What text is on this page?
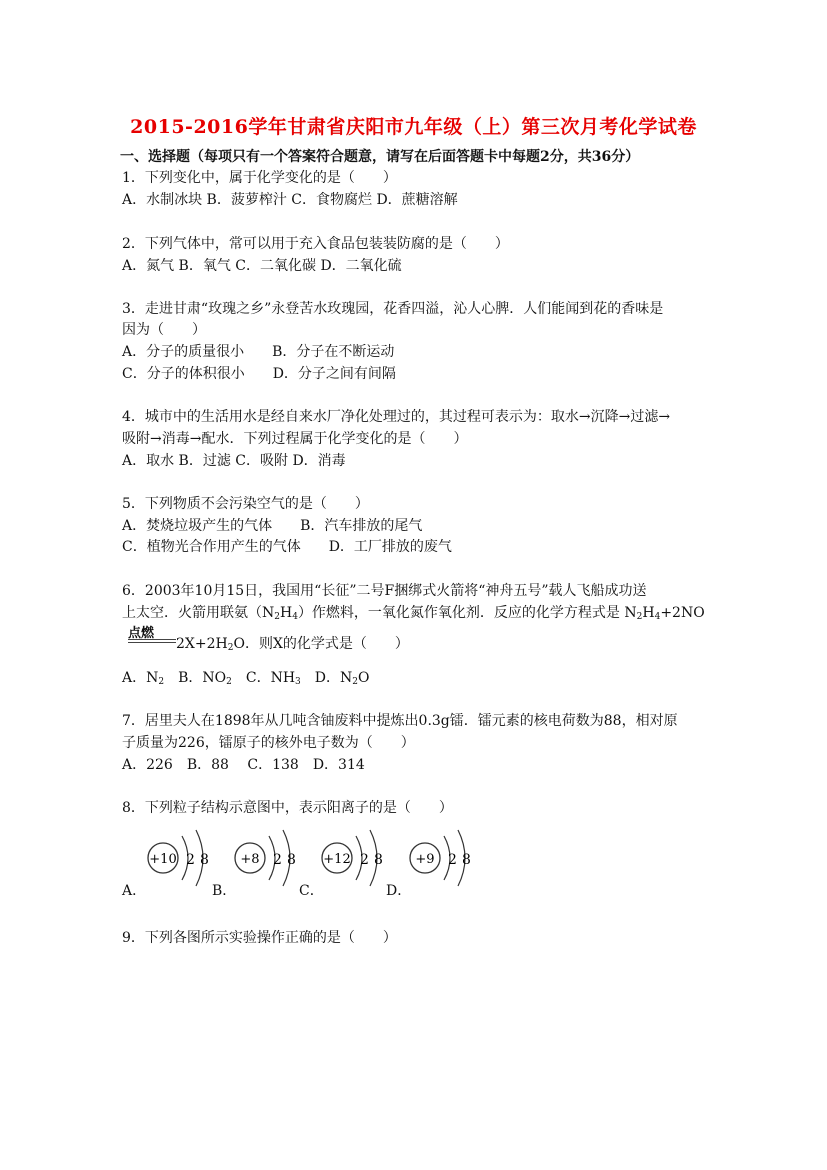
2015-2016学年甘肃省庆阳市九年级（上）第三次月考化学试卷
一、选择题（每项只有一个答案符合题意，请写在后面答题卡中每题2分，共36分）
1．下列变化中，属于化学变化的是（　　）
A．水制冰块 B．菠萝榨汁 C．食物腐烂 D．蔗糖溶解
2．下列气体中，常可以用于充入食品包装装防腐的是（　　）
A．氮气 B．氧气 C．二氧化碳 D．二氧化硫
3．走进甘肃“玫瑰之乡”永登苦水玫瑰园，花香四溢，沁人心脾．人们能闻到花的香味是
因为（　　）
A．分子的质量很小　　B．分子在不断运动
C．分子的体积很小　　D．分子之间有间隔
4．城市中的生活用水是经自来水厂净化处理过的，其过程可表示为：取水→沉降→过滤→
吸附→消毒→配水．下列过程属于化学变化的是（　　）
A．取水 B．过滤 C．吸附 D．消毒
5．下列物质不会污染空气的是（　　）
A．焚烧垃圾产生的气体　　B．汽车排放的尾气
C．植物光合作用产生的气体　　D．工厂排放的废气
6．2003年10月15日，我国用“长征”二号F捆绑式火箭将“神舟五号”载人飞船成功送
上太空．火箭用联氨$(N_2H_4)$作燃料，一氧化氮作氧化剂．反应的化学方程式是 $N_2H_4+2NO$
点燃
$2X+2H_2O$．则X的化学式是（　　）
A．$N_2$　B．$NO_2$　C．$NH_3$　D．$N_2O$
7．居里夫人在1898年从几吨含铀废料中提炼出0.3g镭．镭元素的核电荷数为88，相对原
子质量为226，镭原子的核外电子数为（　　）
A．226　B．88　 C．138　D．314
8．下列粒子结构示意图中，表示阳离子的是（　　）
+10 2 8 +8 2 8 +12 2 8 +9 2 8
A．	B．	C．	D．
9．下列各图所示实验操作正确的是（　　）
